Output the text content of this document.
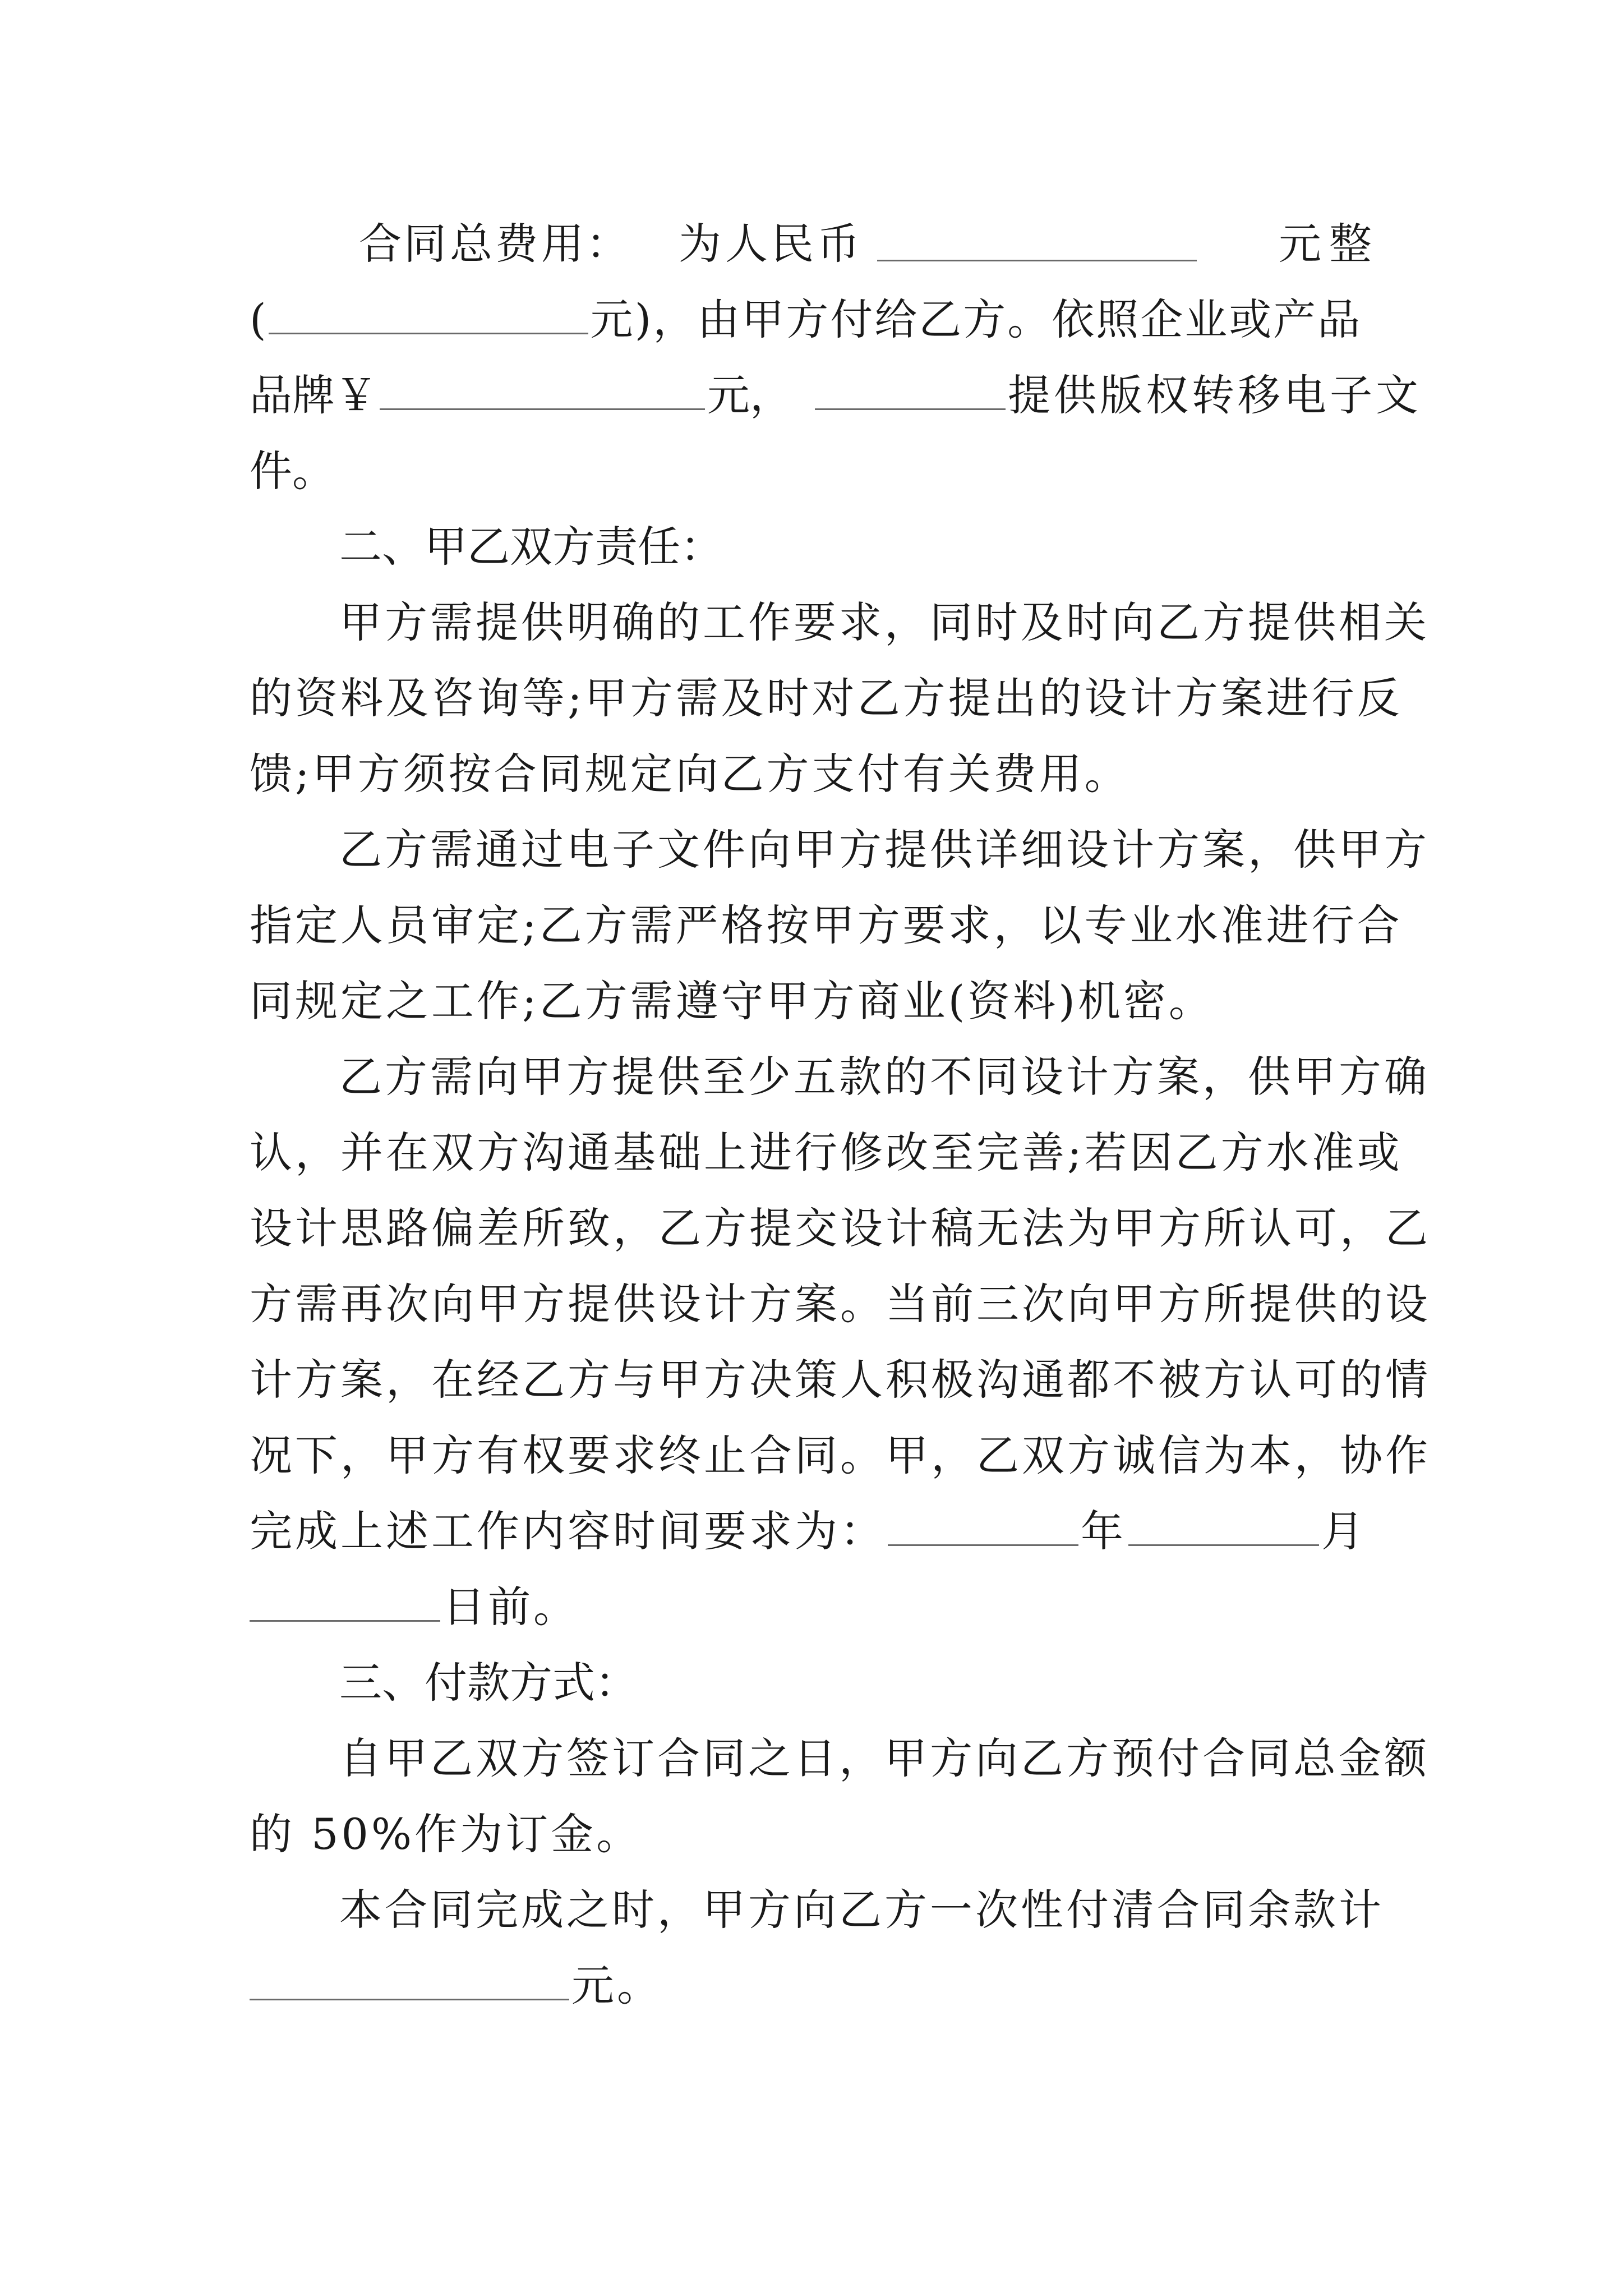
合 同 总 费 用 ： 为 人 民 币	元整
(	元)，由甲方付给乙方。依照企业或产品
品牌￥	元，	提供版权转移电子文
件。
二、甲乙双方责任：
甲方需提供明确的工作要求，同时及时向乙方提供相关
的资料及咨询等;甲方需及时对乙方提出的设计方案进行反
馈;甲方须按合同规定向乙方支付有关费用。
乙方需通过电子文件向甲方提供详细设计方案，供甲方
指定人员审定;乙方需严格按甲方要求，以专业水准进行合
同规定之工作;乙方需遵守甲方商业(资料)机密。
乙方需向甲方提供至少五款的不同设计方案，供甲方确
认，并在双方沟通基础上进行修改至完善;若因乙方水准或
设计思路偏差所致，乙方提交设计稿无法为甲方所认可，乙
方需再次向甲方提供设计方案。当前三次向甲方所提供的设
计方案，在经乙方与甲方决策人积极沟通都不被方认可的情
况下，甲方有权要求终止合同。甲，乙双方诚信为本，协作
完成上述工作内容时间要求为：	年	月
日前。
三、付款方式：
自甲乙双方签订合同之日，甲方向乙方预付合同总金额
的 50%作为订金。
本合同完成之时，甲方向乙方一次性付清合同余款计
元。
